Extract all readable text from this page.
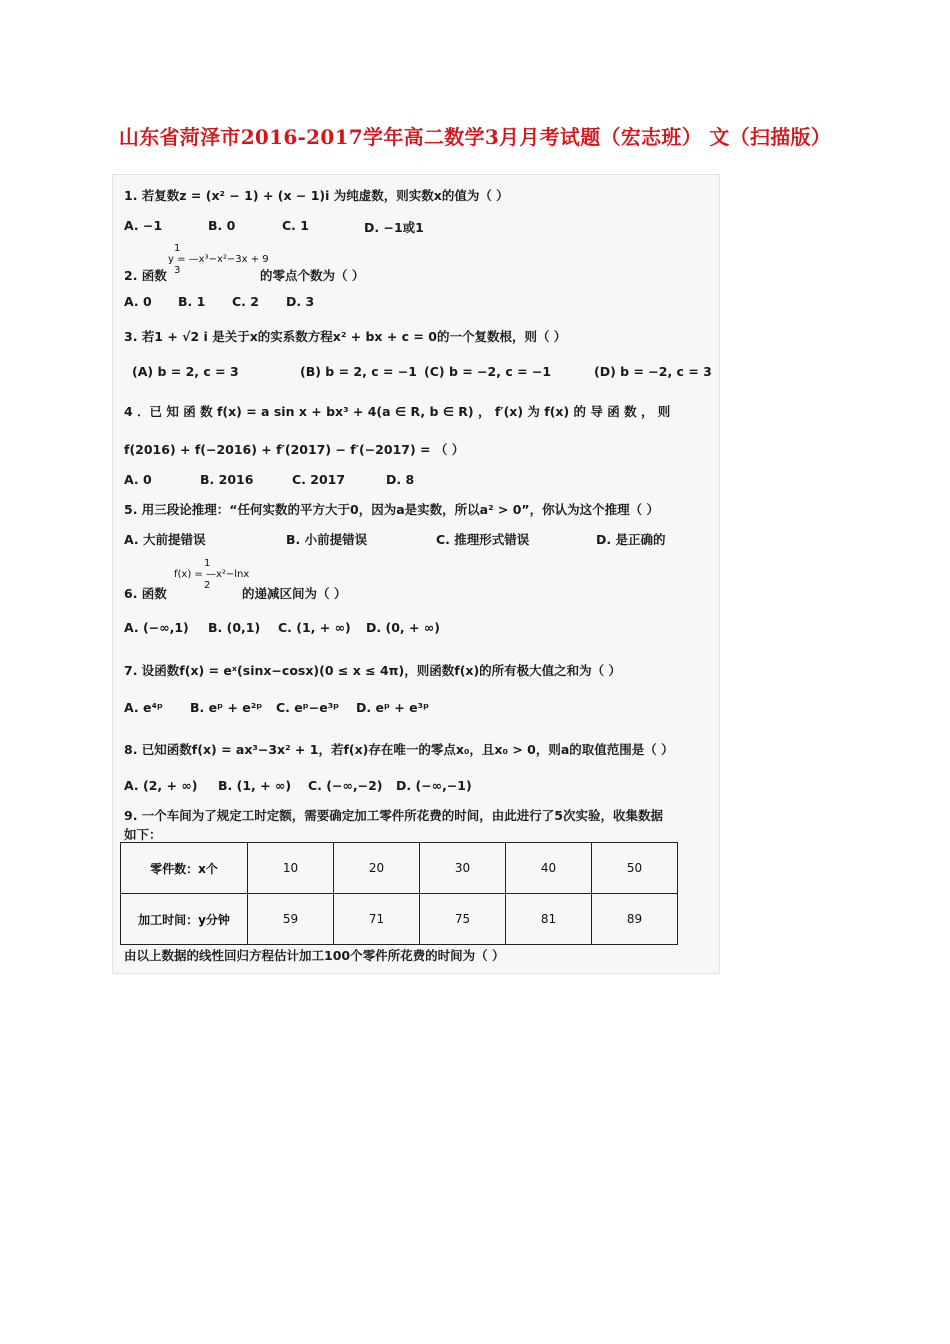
山东省菏泽市2016-2017学年高二数学3月月考试题（宏志班） 文（扫描版）
1. 若复数z = (x² − 1) + (x − 1)i 为纯虚数，则实数x的值为（ ）
A. −1	B. 0	C. 1	D. −1或1
1
y = —x³−x²−3x + 9
3
2. 函数	的零点个数为（ ）
A. 0 B. 1 C. 2 D. 3
3. 若1 + √2 i 是关于x的实系数方程x² + bx + c = 0的一个复数根，则（ ）
(A) b = 2, c = 3	(B) b = 2, c = −1 (C) b = −2, c = −1	(D) b = −2, c = 3
4 ．已 知 函 数 f(x) = a sin x + bx³ + 4(a ∈ R, b ∈ R) ， f′(x) 为 f(x) 的 导 函 数 ， 则
f(2016) + f(−2016) + f′(2017) − f′(−2017) = （ ）
A. 0	B. 2016	C. 2017	D. 8
5. 用三段论推理：“任何实数的平方大于0，因为a是实数，所以a² > 0”，你认为这个推理（ ）
A. 大前提错误	B. 小前提错误	C. 推理形式错误	D. 是正确的
1
f(x) = —x²−lnx
2
6. 函数	的递减区间为（ ）
A. (−∞,1) B. (0,1) C. (1, + ∞) D. (0, + ∞)
7. 设函数f(x) = eˣ(sinx−cosx)(0 ≤ x ≤ 4π)，则函数f(x)的所有极大值之和为（ ）
A. e⁴ᵖ B. eᵖ + e²ᵖ C. eᵖ−e³ᵖ D. eᵖ + e³ᵖ
8. 已知函数f(x) = ax³−3x² + 1，若f(x)存在唯一的零点x₀，且x₀ > 0，则a的取值范围是（ ）
A. (2, + ∞) B. (1, + ∞) C. (−∞,−2) D. (−∞,−1)
9. 一个车间为了规定工时定额，需要确定加工零件所花费的时间，由此进行了5次实验，收集数据
如下：
零件数：x个	10	20	30	40	50
加工时间：y分钟	59	71	75	81	89
由以上数据的线性回归方程估计加工100个零件所花费的时间为（ ）
